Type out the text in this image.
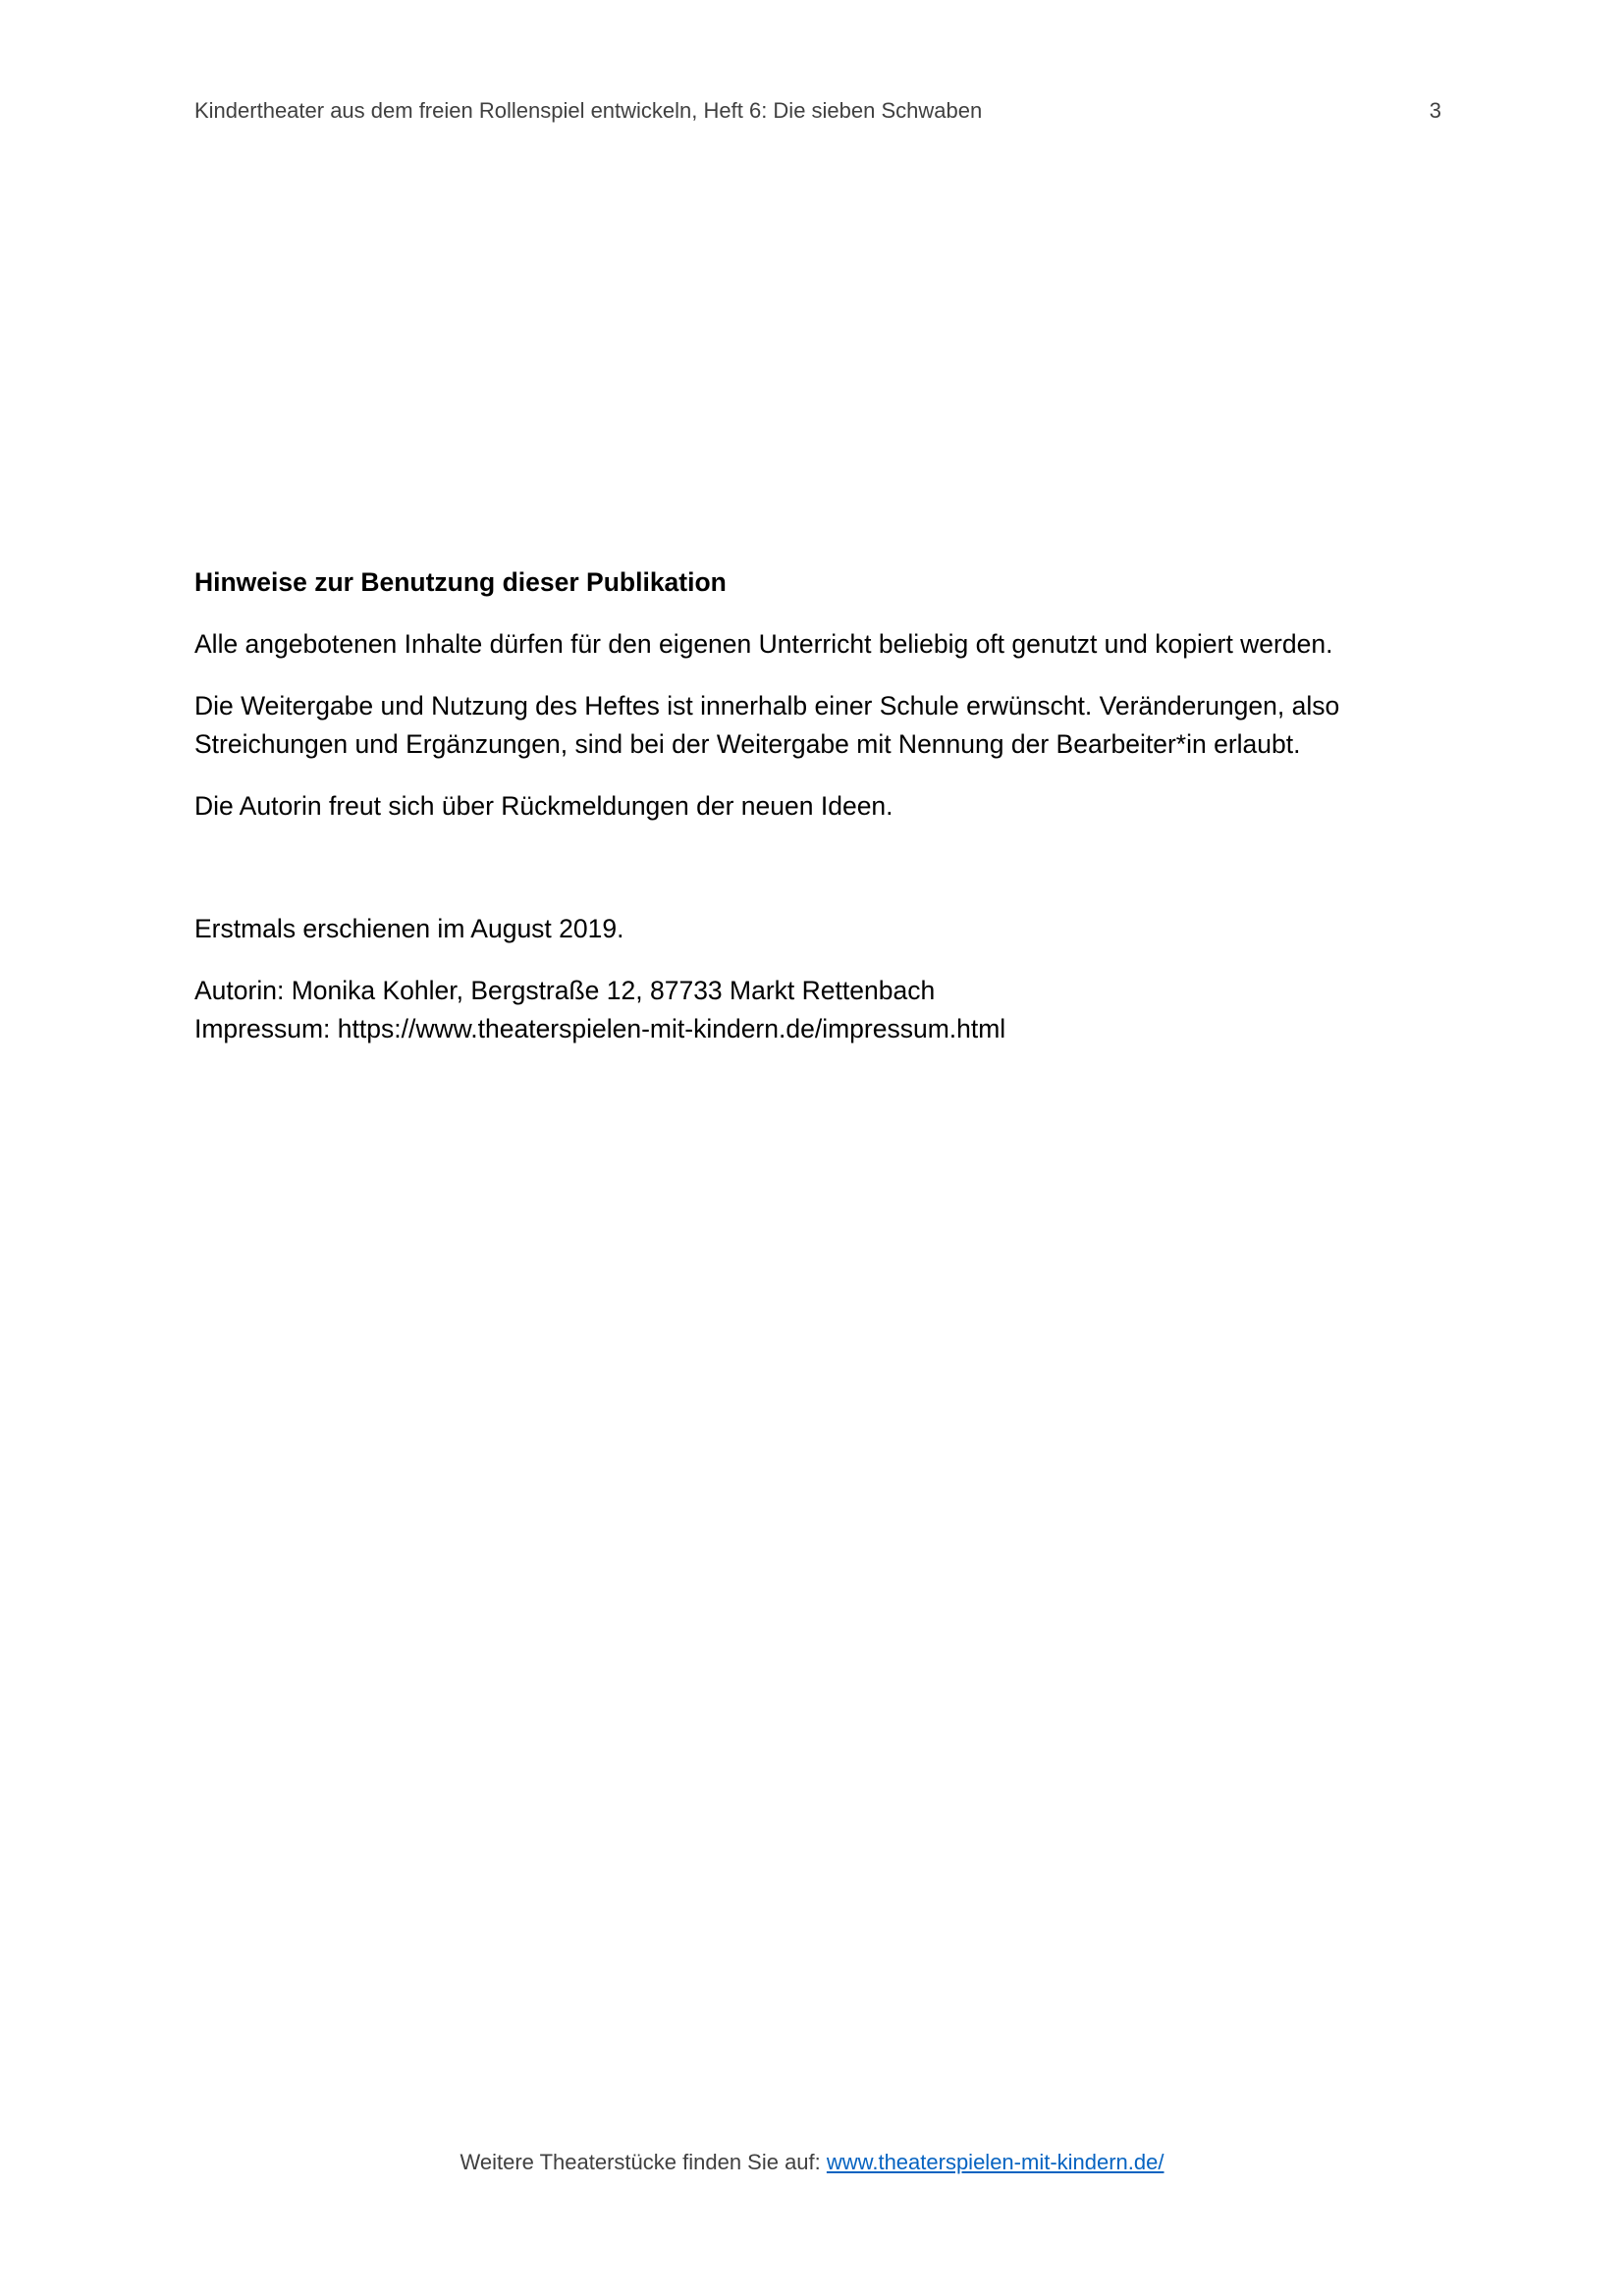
Kindertheater aus dem freien Rollenspiel entwickeln, Heft 6: Die sieben Schwaben	3
Hinweise zur Benutzung dieser Publikation

Alle angebotenen Inhalte dürfen für den eigenen Unterricht beliebig oft genutzt und kopiert werden.

Die Weitergabe und Nutzung des Heftes ist innerhalb einer Schule erwünscht. Veränderungen, also Streichungen und Ergänzungen, sind bei der Weitergabe mit Nennung der Bearbeiter*in erlaubt.

Die Autorin freut sich über Rückmeldungen der neuen Ideen.

Erstmals erschienen im August 2019.

Autorin: Monika Kohler, Bergstraße 12, 87733 Markt Rettenbach
Impressum: https://www.theaterspielen-mit-kindern.de/impressum.html
Weitere Theaterstücke finden Sie auf: www.theaterspielen-mit-kindern.de/
